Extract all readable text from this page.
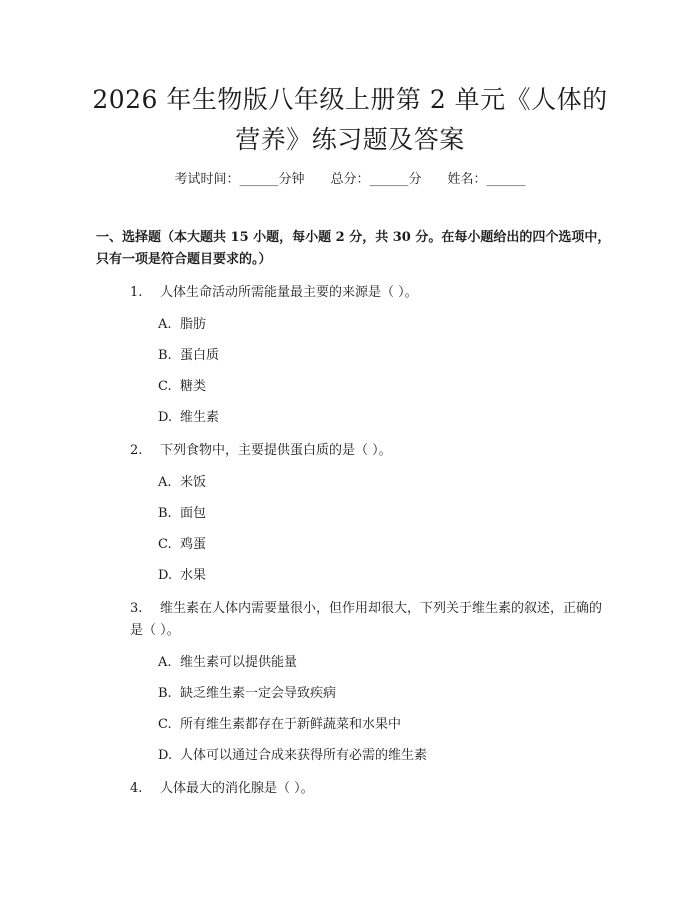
2026 年生物版八年级上册第 2 单元《人体的
营养》练习题及答案
考试时间：______分钟 总分：______分 姓名：______
一、选择题（本大题共 15 小题，每小题 2 分，共 30 分。在每小题给出的四个选项中，只有一项是符合题目要求的。）
1.	人体生命活动所需能量最主要的来源是（ ）。
A. 脂肪
B. 蛋白质
C. 糖类
D. 维生素
2.	下列食物中，主要提供蛋白质的是（ ）。
A. 米饭
B. 面包
C. 鸡蛋
D. 水果
3.	维生素在人体内需要量很小，但作用却很大，下列关于维生素的叙述，正确的是（ ）。
A. 维生素可以提供能量
B. 缺乏维生素一定会导致疾病
C. 所有维生素都存在于新鲜蔬菜和水果中
D. 人体可以通过合成来获得所有必需的维生素
4.	人体最大的消化腺是（ ）。
